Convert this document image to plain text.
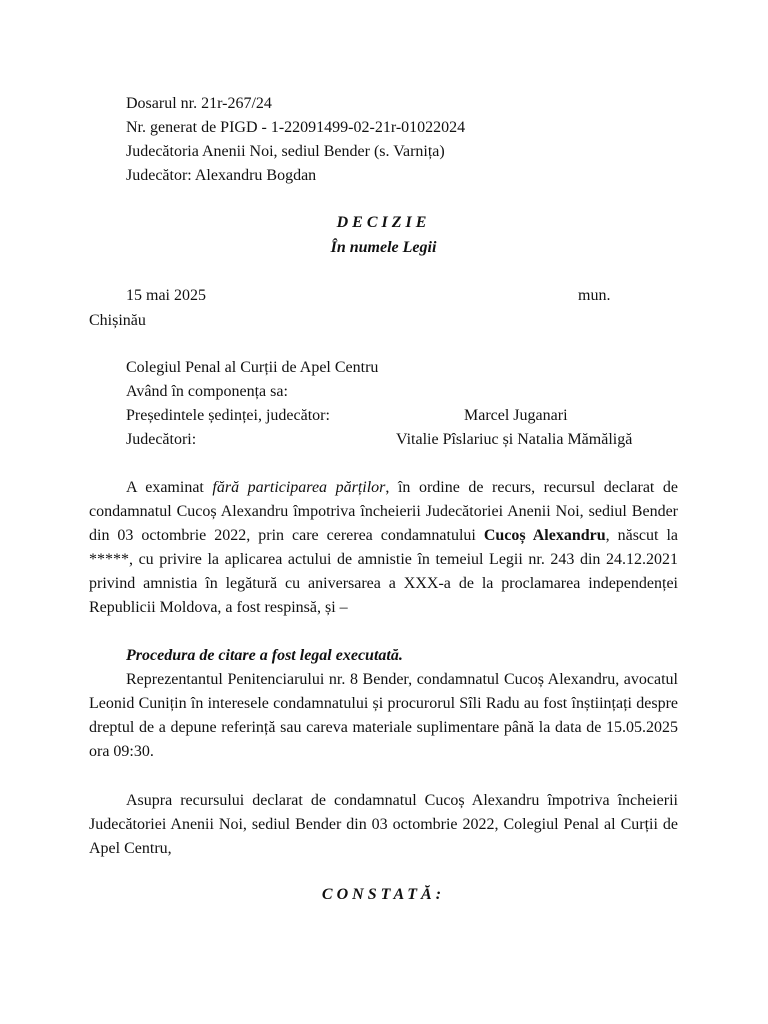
Dosarul nr. 21r-267/24
Nr. generat de PIGD - 1-22091499-02-21r-01022024
Judecătoria Anenii Noi, sediul Bender (s. Varnița)
Judecător: Alexandru Bogdan
DECIZIE
În numele Legii
15 mai 2025	mun.
Chișinău
Colegiul Penal al Curții de Apel Centru
Având în componența sa:
Președintele ședinței, judecător:	Marcel Juganari
Judecători:	Vitalie Pîslariuc și Natalia Mămăligă
A examinat fără participarea părților, în ordine de recurs, recursul declarat de condamnatul Cucoș Alexandru împotriva încheierii Judecătoriei Anenii Noi, sediul Bender din 03 octombrie 2022, prin care cererea condamnatului Cucoș Alexandru, născut la *****, cu privire la aplicarea actului de amnistie în temeiul Legii nr. 243 din 24.12.2021 privind amnistia în legătură cu aniversarea a XXX-a de la proclamarea independenței Republicii Moldova, a fost respinsă, și –
Procedura de citare a fost legal executată.
Reprezentantul Penitenciarului nr. 8 Bender, condamnatul Cucoș Alexandru, avocatul Leonid Cunițin în interesele condamnatului și procurorul Sîli Radu au fost înștiințați despre dreptul de a depune referință sau careva materiale suplimentare până la data de 15.05.2025 ora 09:30.
Asupra recursului declarat de condamnatul Cucoș Alexandru împotriva încheierii Judecătoriei Anenii Noi, sediul Bender din 03 octombrie 2022, Colegiul Penal al Curții de Apel Centru,
CONSTATĂ:
